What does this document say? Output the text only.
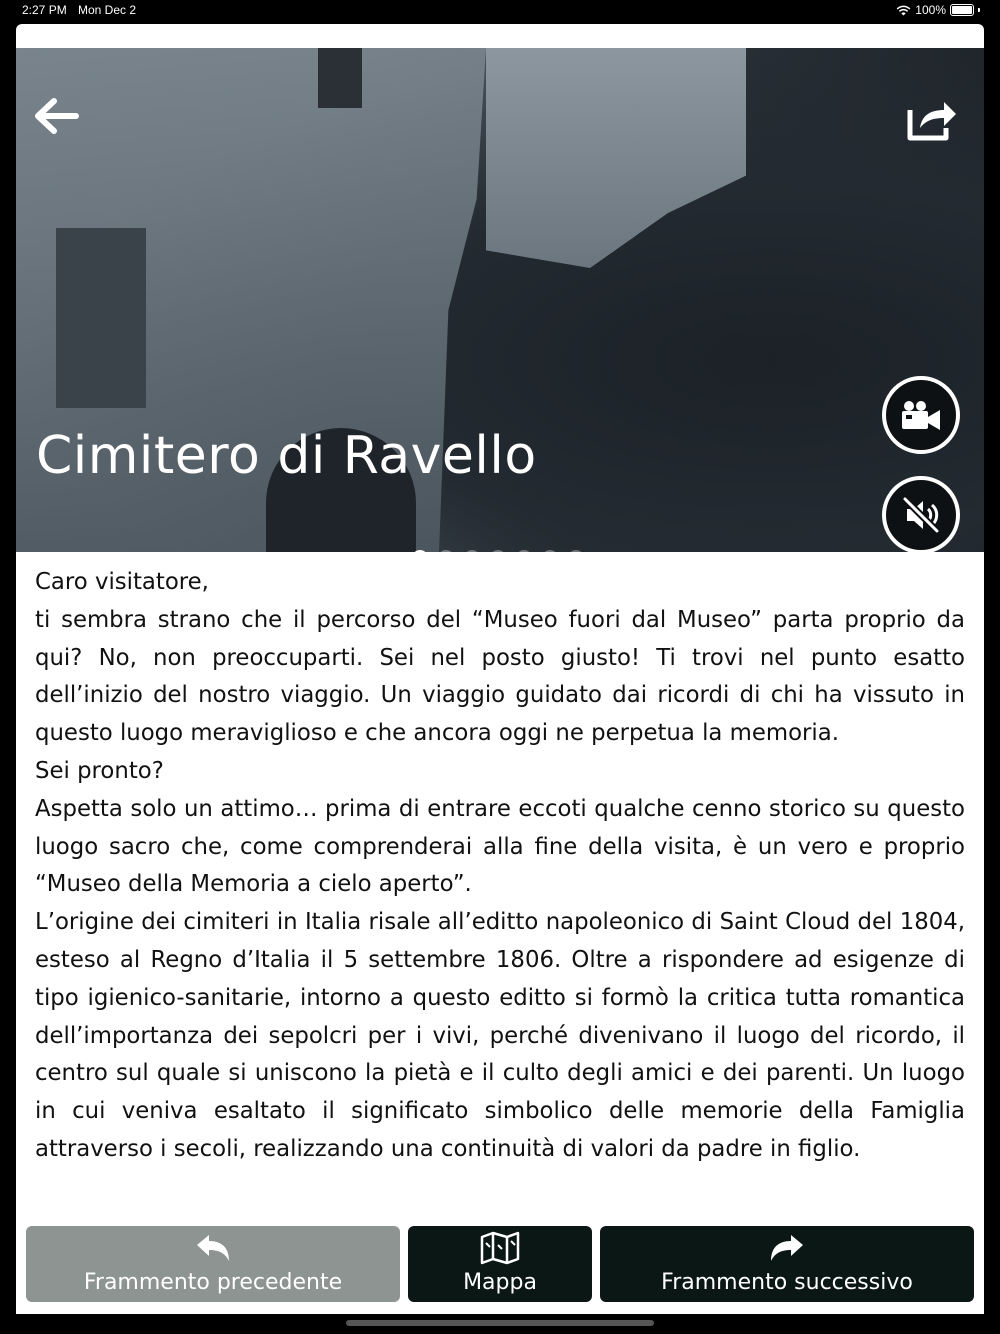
2:27 PM Mon Dec 2	100%
Cimitero di Ravello

Caro visitatore,

ti sembra strano che il percorso del “Museo fuori dal Museo” parta proprio da qui? No, non preoccuparti. Sei nel posto giusto! Ti trovi nel punto esatto dell’inizio del nostro viaggio. Un viaggio guidato dai ricordi di chi ha vissuto in questo luogo meraviglioso e che ancora oggi ne perpetua la memoria.

Sei pronto?

Aspetta solo un attimo… prima di entrare eccoti qualche cenno storico su questo luogo sacro che, come comprenderai alla fine della visita, è un vero e proprio “Museo della Memoria a cielo aperto”.

L’origine dei cimiteri in Italia risale all’editto napoleonico di Saint Cloud del 1804, esteso al Regno d’Italia il 5 settembre 1806. Oltre a rispondere ad esigenze di tipo igienico-sanitarie, intorno a questo editto si formò la critica tutta romantica dell’importanza dei sepolcri per i vivi, perché divenivano il luogo del ricordo, il centro sul quale si uniscono la pietà e il culto degli amici e dei parenti. Un luogo in cui veniva esaltato il significato simbolico delle memorie della Famiglia attraverso i secoli, realizzando una continuità di valori da padre in figlio.

Frammento precedente	Mappa	Frammento successivo
